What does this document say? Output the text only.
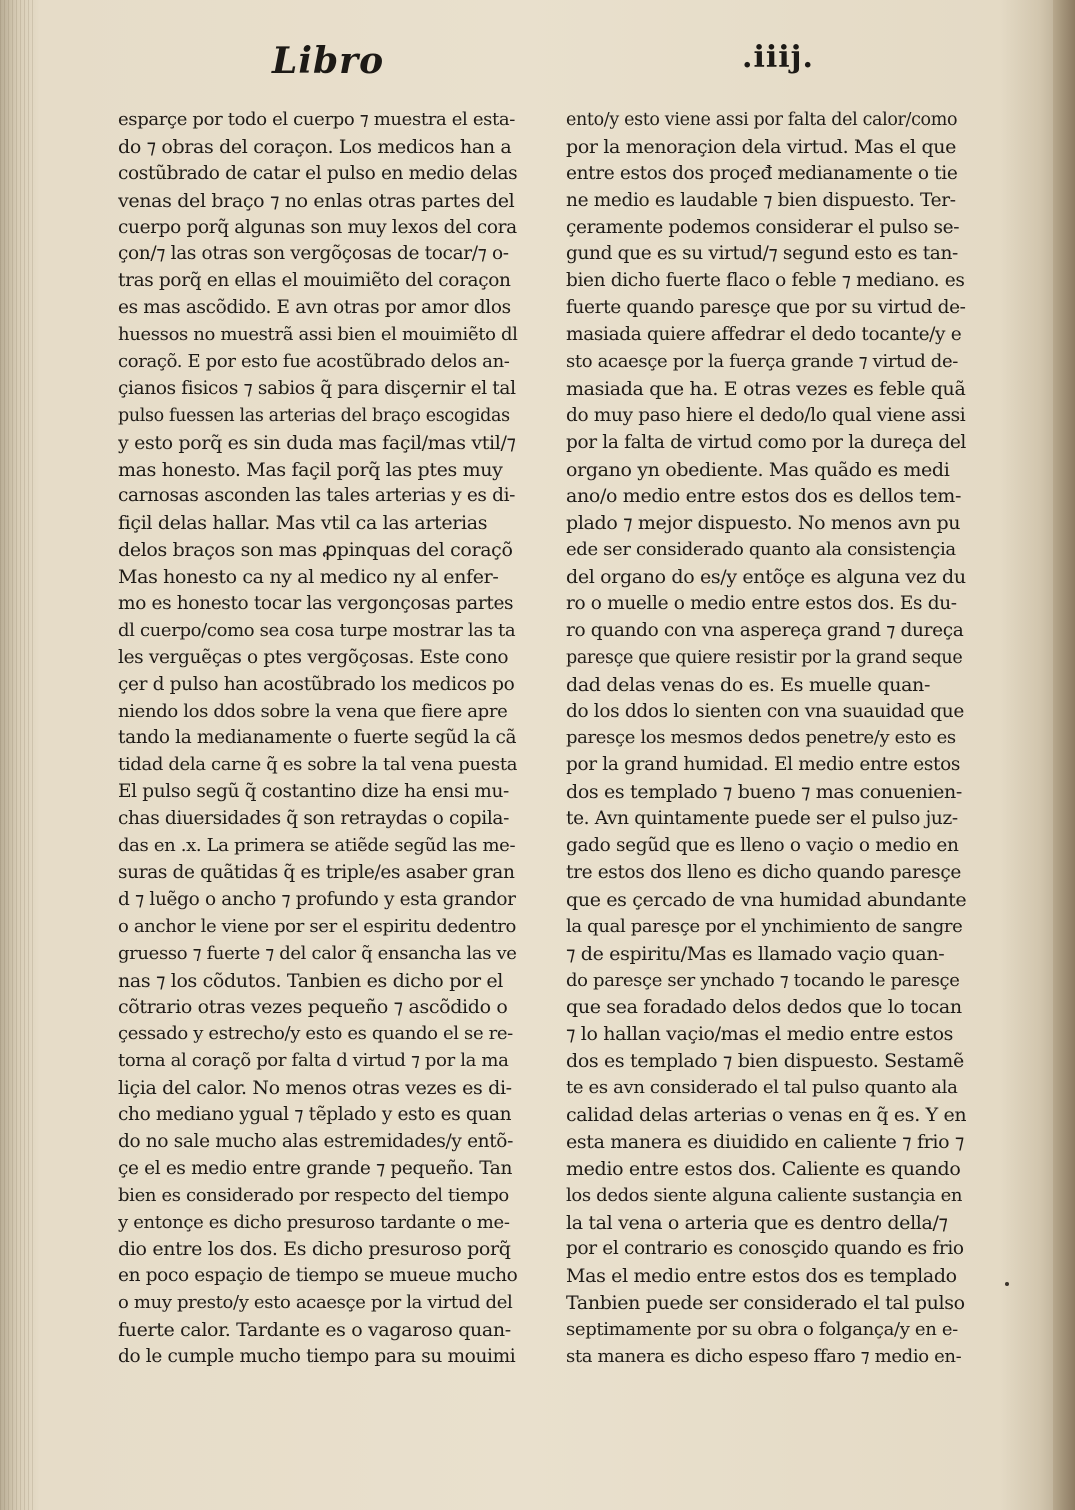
Libro	.iiij.
esparçe por todo el cuerpo ⁊ muestra el esta-
do ⁊ obras del coraçon. Los medicos han a
costũbrado de catar el pulso en medio delas
venas del braço ⁊ no enlas otras partes del
cuerpo porq̃ algunas son muy lexos del cora
çon/⁊ las otras son vergõçosas de tocar/⁊ o-
tras porq̃ en ellas el mouimiẽto del coraçon
es mas ascõdido. E avn otras por amor dlos
huessos no muestrã assi bien el mouimiẽto dl
coraçõ. E por esto fue acostũbrado delos an-
çianos fisicos ⁊ sabios q̃ para disçernir el tal
pulso fuessen las arterias del braço escogidas
y esto porq̃ es sin duda mas façil/mas vtil/⁊
mas honesto. Mas façil porq̃ las ptes muy
carnosas asconden las tales arterias y es di-
fiçil delas hallar. Mas vtil ca las arterias
delos braços son mas ꝓpinquas del coraçõ
Mas honesto ca ny al medico ny al enfer-
mo es honesto tocar las vergonçosas partes
dl cuerpo/como sea cosa turpe mostrar las ta
les verguẽças o ptes vergõçosas. Este cono
çer d pulso han acostũbrado los medicos po
niendo los ddos sobre la vena que fiere apre
tando la medianamente o fuerte segũd la cã
tidad dela carne q̃ es sobre la tal vena puesta
El pulso segũ q̃ costantino dize ha ensi mu-
chas diuersidades q̃ son retraydas o copila-
das en .x. La primera se atiẽde segũd las me-
suras de quãtidas q̃ es triple/es asaber gran
d ⁊ luẽgo o ancho ⁊ profundo y esta grandor
o anchor le viene por ser el espiritu dedentro
gruesso ⁊ fuerte ⁊ del calor q̃ ensancha las ve
nas ⁊ los cõdutos. Tanbien es dicho por el
cõtrario otras vezes pequeño ⁊ ascõdido o
çessado y estrecho/y esto es quando el se re-
torna al coraçõ por falta d virtud ⁊ por la ma
liçia del calor. No menos otras vezes es di-
cho mediano ygual ⁊ tẽplado y esto es quan
do no sale mucho alas estremidades/y entõ-
çe el es medio entre grande ⁊ pequeño. Tan
bien es considerado por respecto del tiempo
y entonçe es dicho presuroso tardante o me-
dio entre los dos. Es dicho presuroso porq̃
en poco espaçio de tiempo se mueue mucho
o muy presto/y esto acaesçe por la virtud del
fuerte calor. Tardante es o vagaroso quan-
do le cumple mucho tiempo para su mouimi
ento/y esto viene assi por falta del calor/como
por la menoraçion dela virtud. Mas el que
entre estos dos proçeđ medianamente o tie
ne medio es laudable ⁊ bien dispuesto. Ter-
çeramente podemos considerar el pulso se-
gund que es su virtud/⁊ segund esto es tan-
bien dicho fuerte flaco o feble ⁊ mediano. es
fuerte quando paresçe que por su virtud de-
masiada quiere affedrar el dedo tocante/y e
sto acaesçe por la fuerça grande ⁊ virtud de-
masiada que ha. E otras vezes es feble quã
do muy paso hiere el dedo/lo qual viene assi
por la falta de virtud como por la dureça del
organo yn obediente. Mas quãdo es medi
ano/o medio entre estos dos es dellos tem-
plado ⁊ mejor dispuesto. No menos avn pu
ede ser considerado quanto ala consistençia
del organo do es/y entõçe es alguna vez du
ro o muelle o medio entre estos dos. Es du-
ro quando con vna aspereça grand ⁊ dureça
paresçe que quiere resistir por la grand seque
dad delas venas do es. Es muelle quan-
do los ddos lo sienten con vna suauidad que
paresçe los mesmos dedos penetre/y esto es
por la grand humidad. El medio entre estos
dos es templado ⁊ bueno ⁊ mas conuenien-
te. Avn quintamente puede ser el pulso juz-
gado segũd que es lleno o vaçio o medio en
tre estos dos lleno es dicho quando paresçe
que es çercado de vna humidad abundante
la qual paresçe por el ynchimiento de sangre
⁊ de espiritu/Mas es llamado vaçio quan-
do paresçe ser ynchado ⁊ tocando le paresçe
que sea foradado delos dedos que lo tocan
⁊ lo hallan vaçio/mas el medio entre estos
dos es templado ⁊ bien dispuesto. Sestamẽ
te es avn considerado el tal pulso quanto ala
calidad delas arterias o venas en q̃ es. Y en
esta manera es diuidido en caliente ⁊ frio ⁊
medio entre estos dos. Caliente es quando
los dedos siente alguna caliente sustançia en
la tal vena o arteria que es dentro della/⁊
por el contrario es conosçido quando es frio
Mas el medio entre estos dos es templado
Tanbien puede ser considerado el tal pulso
septimamente por su obra o folgança/y en e-
sta manera es dicho espeso ffaro ⁊ medio en-
